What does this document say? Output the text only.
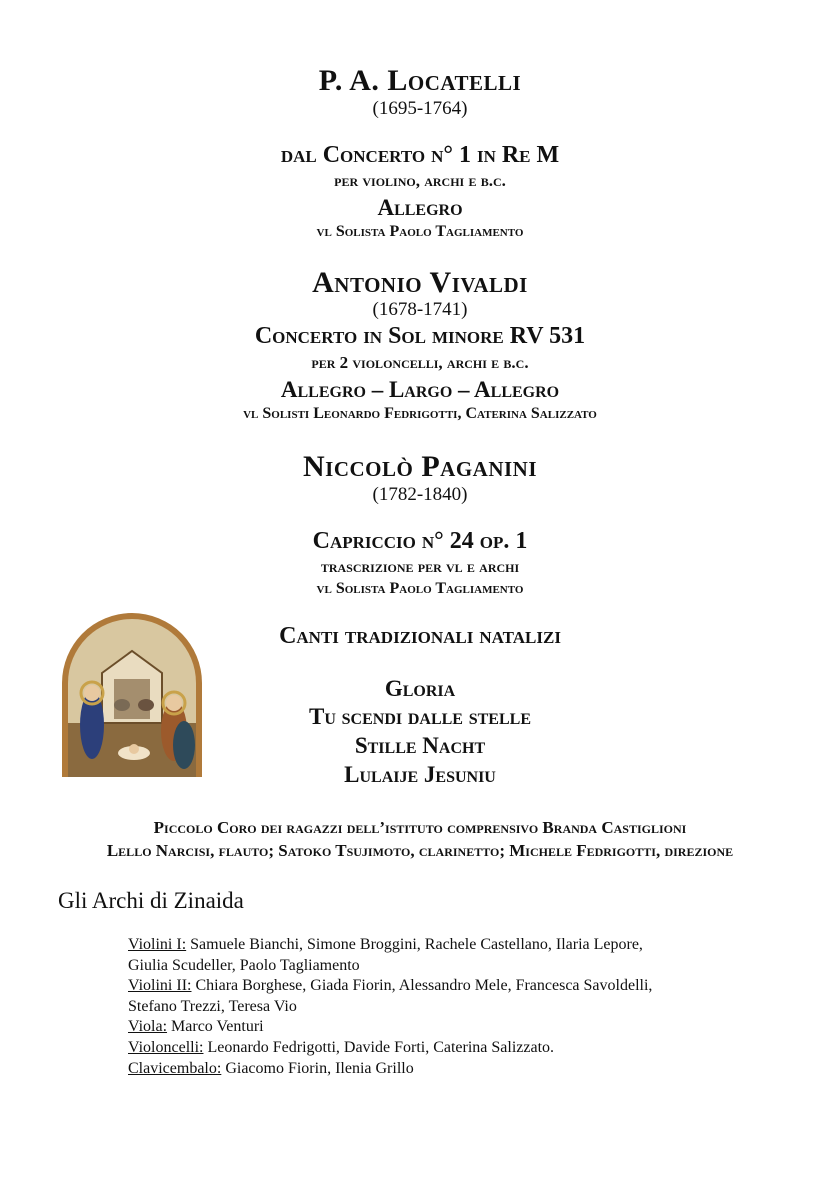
P. A. Locatelli
(1695-1764)
dal Concerto n° 1 in Re M
per violino, archi e b.c.
Allegro
vl Solista Paolo Tagliamento
Antonio Vivaldi
(1678-1741)
Concerto in Sol minore RV 531
per 2 violoncelli, archi e b.c.
Allegro – Largo – Allegro
vl Solisti Leonardo Fedrigotti, Caterina Salizzato
Niccolò Paganini
(1782-1840)
Capriccio n° 24 op. 1
trascrizione per vl e archi
vl Solista Paolo Tagliamento
Canti tradizionali natalizi
Gloria
Tu scendi dalle stelle
Stille Nacht
Lulaije Jesuniu
Piccolo Coro dei ragazzi dell’istituto comprensivo Branda Castiglioni
Lello Narcisi, flauto; Satoko Tsujimoto, clarinetto; Michele Fedrigotti, direzione
Gli Archi di Zinaida
Violini I: Samuele Bianchi, Simone Broggini, Rachele Castellano, Ilaria Lepore,
Giulia Scudeller, Paolo Tagliamento
Violini II: Chiara Borghese, Giada Fiorin, Alessandro Mele, Francesca Savoldelli,
Stefano Trezzi, Teresa Vio
Viola: Marco Venturi
Violoncelli: Leonardo Fedrigotti, Davide Forti, Caterina Salizzato.
Clavicembalo: Giacomo Fiorin, Ilenia Grillo
